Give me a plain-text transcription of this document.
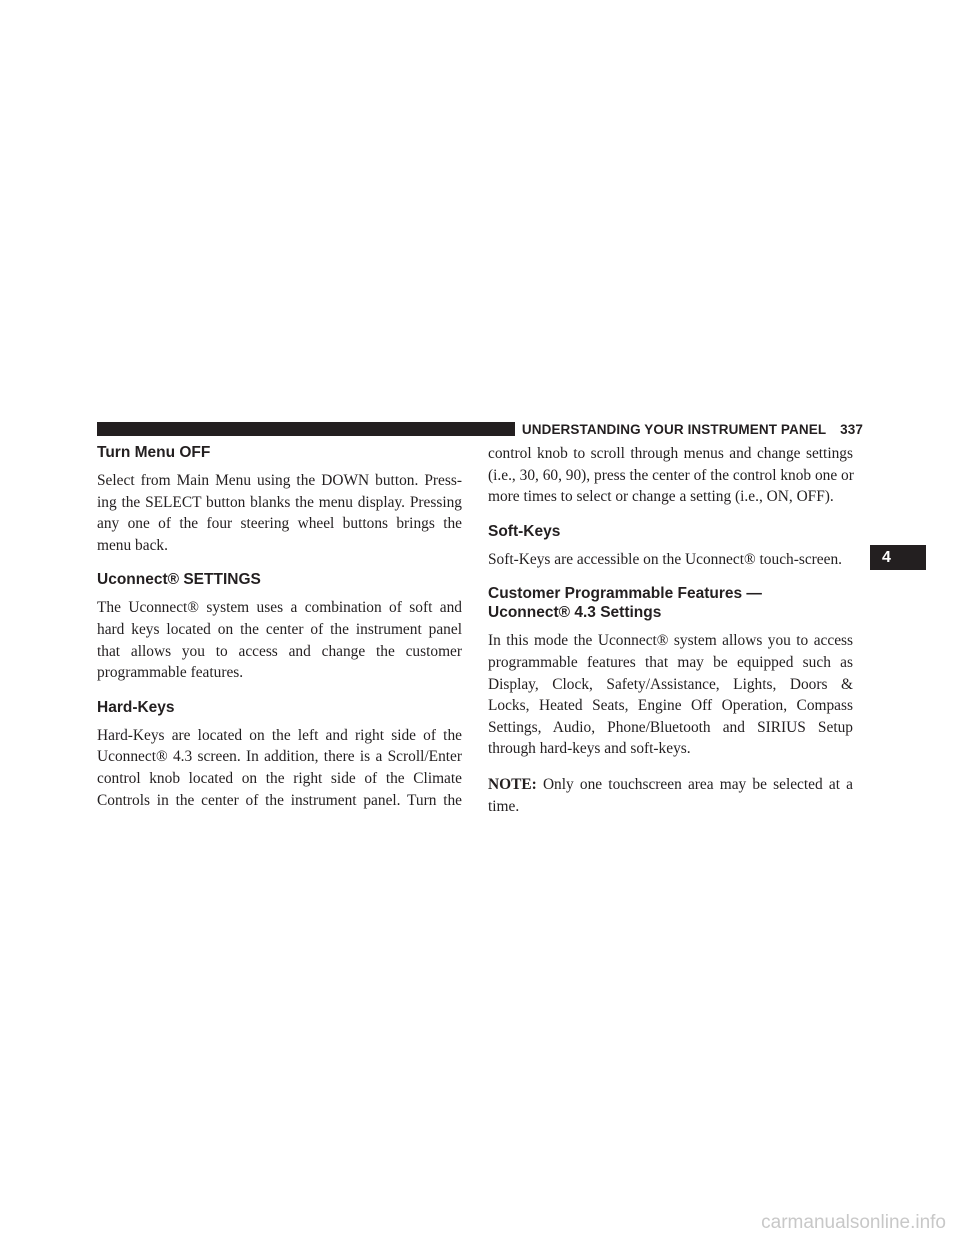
UNDERSTANDING YOUR INSTRUMENT PANEL 337
Turn Menu OFF

Select from Main Menu using the DOWN button. Press-
ing the SELECT button blanks the menu display. Pressing
any one of the four steering wheel buttons brings the
menu back.

Uconnect® SETTINGS

The Uconnect® system uses a combination of soft and
hard keys located on the center of the instrument panel
that allows you to access and change the customer
programmable features.

Hard-Keys

Hard-Keys are located on the left and right side of the
Uconnect® 4.3 screen. In addition, there is a Scroll/Enter
control knob located on the right side of the Climate
Controls in the center of the instrument panel. Turn the

control knob to scroll through menus and change settings
(i.e., 30, 60, 90), press the center of the control knob one or
more times to select or change a setting (i.e., ON, OFF).

Soft-Keys

Soft-Keys are accessible on the Uconnect® touch-screen.

Customer Programmable Features —
Uconnect® 4.3 Settings

In this mode the Uconnect® system allows you to access
programmable features that may be equipped such as
Display, Clock, Safety/Assistance, Lights, Doors &
Locks, Heated Seats, Engine Off Operation, Compass
Settings, Audio, Phone/Bluetooth and SIRIUS Setup
through hard-keys and soft-keys.

NOTE: Only one touchscreen area may be selected at a
time.

4
carmanualsonline.info
